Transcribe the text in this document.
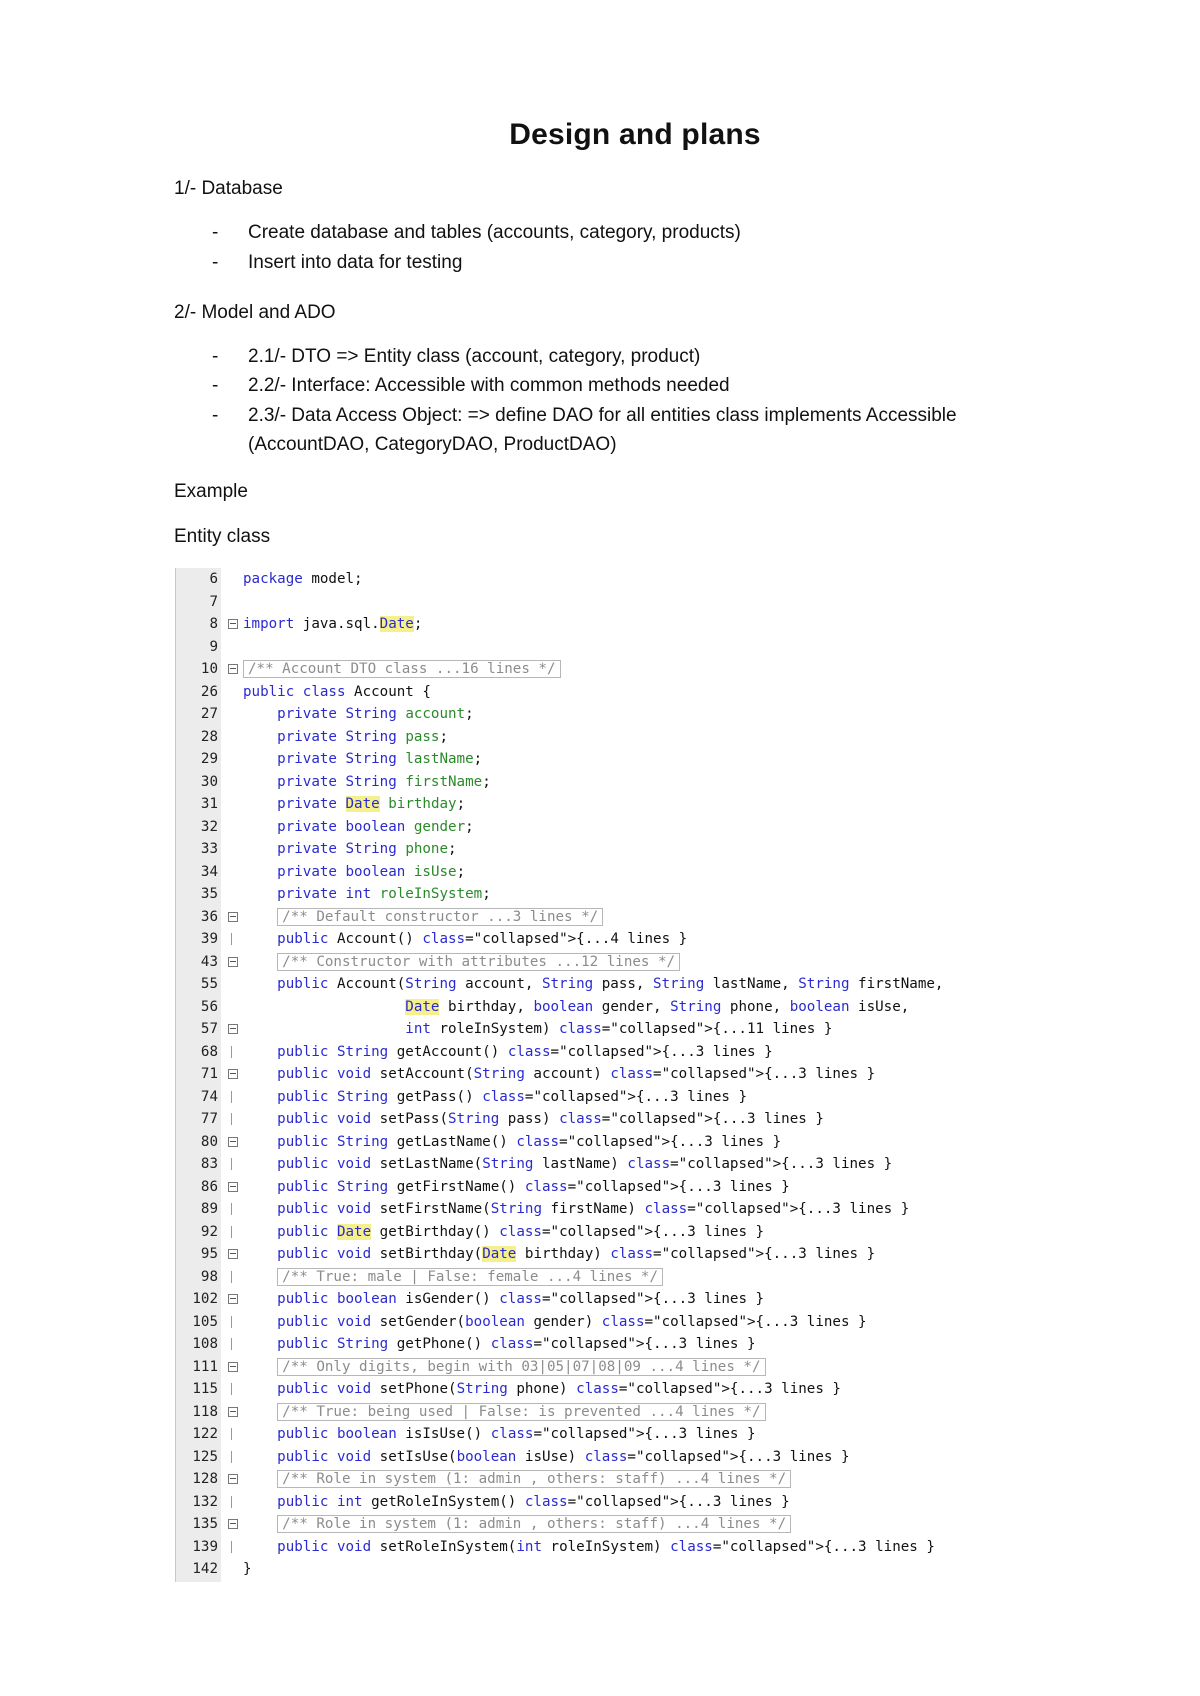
Design and plans
1/- Database
- Create database and tables (accounts, category, products)
- Insert into data for testing
2/- Model and ADO
- 2.1/- DTO => Entity class (account, category, product)
- 2.2/- Interface: Accessible with common methods needed
- 2.3/- Data Access Object: => define DAO for all entities class implements Accessible (AccountDAO, CategoryDAO, ProductDAO)
Example
Entity class
6 package model;
7
8 import java.sql.Date;
9
10	/** Account DTO class ...16 lines */
26 public class Account {
27	private String account;
28	private String pass;
29	private String lastName;
30	private String firstName;
31	private Date birthday;
32	private boolean gender;
33	private String phone;
34	private boolean isUse;
35	private int roleInSystem;
36	/** Default constructor ...3 lines */
39	public Account() class="collapsed">{...4 lines }
43	/** Constructor with attributes ...12 lines */
55	public Account(String account, String pass, String lastName, String firstName,
56	Date birthday, boolean gender, String phone, boolean isUse,
57	int roleInSystem) class="collapsed">{...11 lines }
68	public String getAccount() class="collapsed">{...3 lines }
71	public void setAccount(String account) class="collapsed">{...3 lines }
74	public String getPass() class="collapsed">{...3 lines }
77	public void setPass(String pass) class="collapsed">{...3 lines }
80	public String getLastName() class="collapsed">{...3 lines }
83	public void setLastName(String lastName) class="collapsed">{...3 lines }
86	public String getFirstName() class="collapsed">{...3 lines }
89	public void setFirstName(String firstName) class="collapsed">{...3 lines }
92	public Date getBirthday() class="collapsed">{...3 lines }
95	public void setBirthday(Date birthday) class="collapsed">{...3 lines }
98	/** True: male | False: female ...4 lines */
102	public boolean isGender() class="collapsed">{...3 lines }
105	public void setGender(boolean gender) class="collapsed">{...3 lines }
108	public String getPhone() class="collapsed">{...3 lines }
111	/** Only digits, begin with 03|05|07|08|09 ...4 lines */
115	public void setPhone(String phone) class="collapsed">{...3 lines }
118	/** True: being used | False: is prevented ...4 lines */
122	public boolean isIsUse() class="collapsed">{...3 lines }
125	public void setIsUse(boolean isUse) class="collapsed">{...3 lines }
128	/** Role in system (1: admin , others: staff) ...4 lines */
132	public int getRoleInSystem() class="collapsed">{...3 lines }
135	/** Role in system (1: admin , others: staff) ...4 lines */
139	public void setRoleInSystem(int roleInSystem) class="collapsed">{...3 lines }
142 }
